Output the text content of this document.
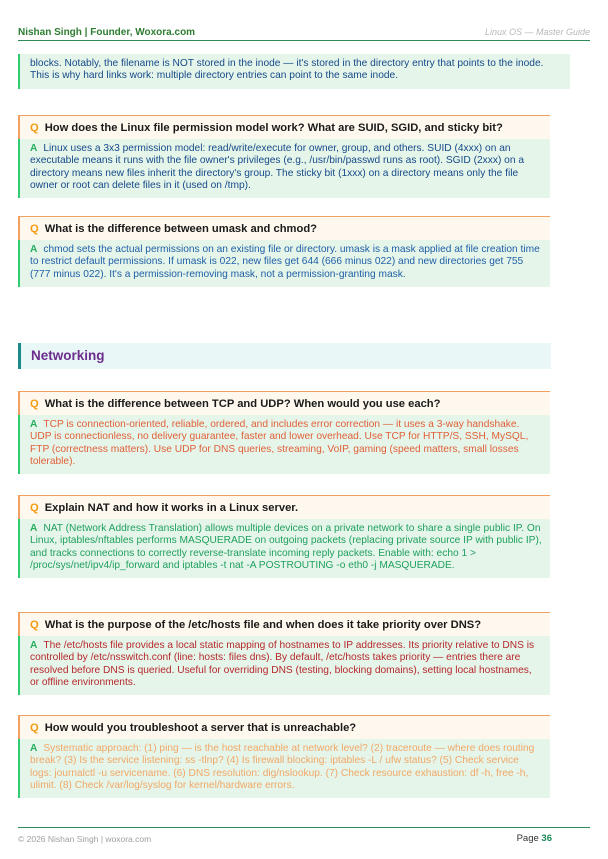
Nishan Singh | Founder, Woxora.com	Linux OS — Master Guide
blocks. Notably, the filename is NOT stored in the inode — it's stored in the directory entry that points to the inode. This is why hard links work: multiple directory entries can point to the same inode.
Q How does the Linux file permission model work? What are SUID, SGID, and sticky bit?
A Linux uses a 3x3 permission model: read/write/execute for owner, group, and others. SUID (4xxx) on an executable means it runs with the file owner's privileges (e.g., /usr/bin/passwd runs as root). SGID (2xxx) on a directory means new files inherit the directory's group. The sticky bit (1xxx) on a directory means only the file owner or root can delete files in it (used on /tmp).
Q What is the difference between umask and chmod?
A chmod sets the actual permissions on an existing file or directory. umask is a mask applied at file creation time to restrict default permissions. If umask is 022, new files get 644 (666 minus 022) and new directories get 755 (777 minus 022). It's a permission-removing mask, not a permission-granting mask.
Networking
Q What is the difference between TCP and UDP? When would you use each?
A TCP is connection-oriented, reliable, ordered, and includes error correction — it uses a 3-way handshake. UDP is connectionless, no delivery guarantee, faster and lower overhead. Use TCP for HTTP/S, SSH, MySQL, FTP (correctness matters). Use UDP for DNS queries, streaming, VoIP, gaming (speed matters, small losses tolerable).
Q Explain NAT and how it works in a Linux server.
A NAT (Network Address Translation) allows multiple devices on a private network to share a single public IP. On Linux, iptables/nftables performs MASQUERADE on outgoing packets (replacing private source IP with public IP), and tracks connections to correctly reverse-translate incoming reply packets. Enable with: echo 1 > /proc/sys/net/ipv4/ip_forward and iptables -t nat -A POSTROUTING -o eth0 -j MASQUERADE.
Q What is the purpose of the /etc/hosts file and when does it take priority over DNS?
A The /etc/hosts file provides a local static mapping of hostnames to IP addresses. Its priority relative to DNS is controlled by /etc/nsswitch.conf (line: hosts: files dns). By default, /etc/hosts takes priority — entries there are resolved before DNS is queried. Useful for overriding DNS (testing, blocking domains), setting local hostnames, or offline environments.
Q How would you troubleshoot a server that is unreachable?
A Systematic approach: (1) ping — is the host reachable at network level? (2) traceroute — where does routing break? (3) Is the service listening: ss -tlnp? (4) Is firewall blocking: iptables -L / ufw status? (5) Check service logs: journalctl -u servicename. (6) DNS resolution: dig/nslookup. (7) Check resource exhaustion: df -h, free -h, ulimit. (8) Check /var/log/syslog for kernel/hardware errors.
© 2026 Nishan Singh | woxora.com	Page 36
